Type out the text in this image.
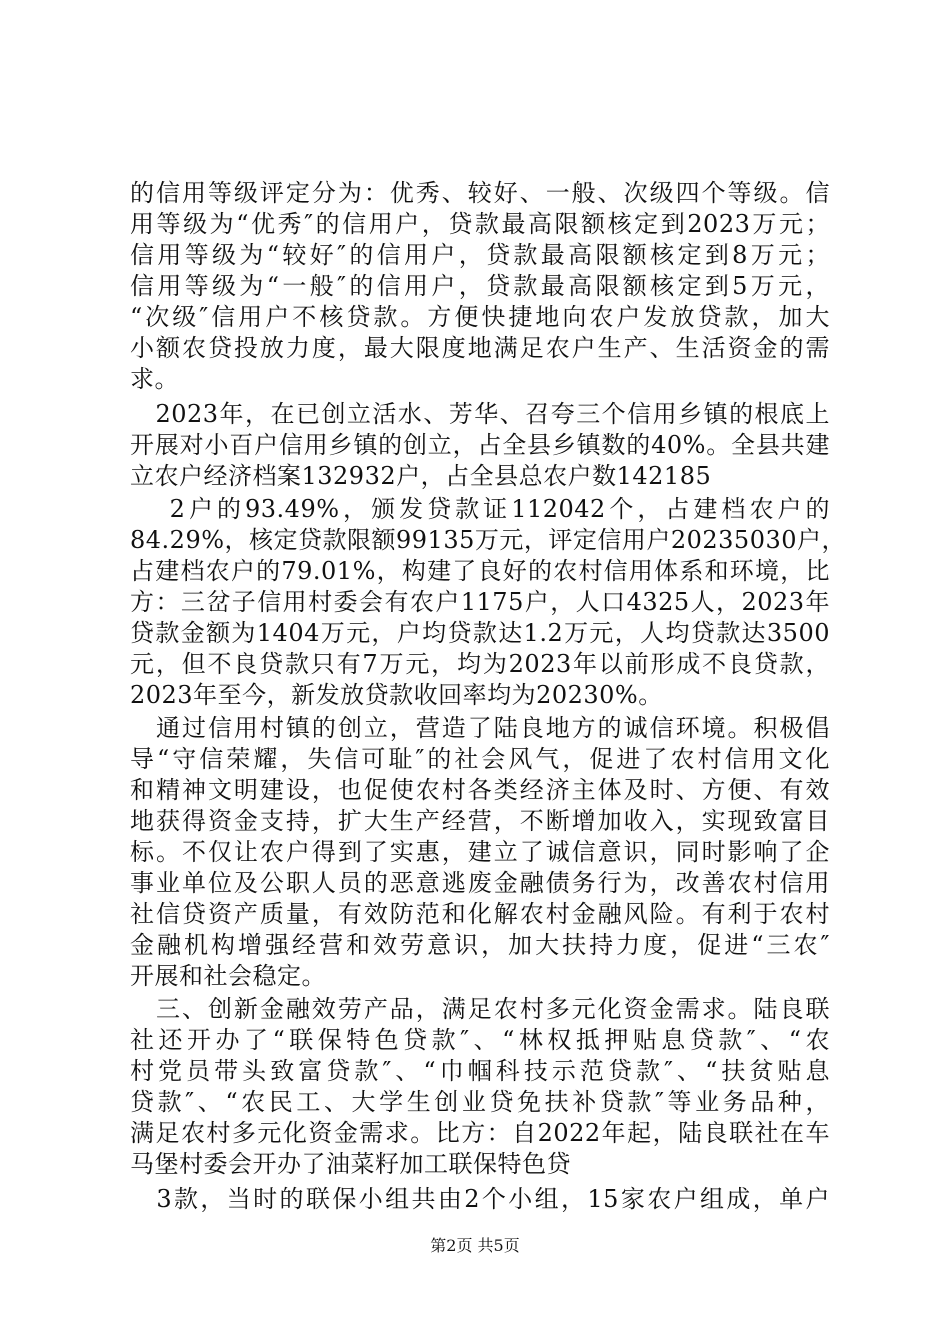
的信用等级评定分为：优秀、较好、一般、次级四个等级。信
用等级为“优秀″的信用户，贷款最高限额核定到2023万元；
信用等级为“较好″的信用户，贷款最高限额核定到8万元；
信用等级为“一般″的信用户，贷款最高限额核定到5万元，
“次级″信用户不核贷款。方便快捷地向农户发放贷款，加大
小额农贷投放力度，最大限度地满足农户生产、生活资金的需
求。
　2023年，在已创立活水、芳华、召夸三个信用乡镇的根底上
开展对小百户信用乡镇的创立，占全县乡镇数的40%。全县共建
立农户经济档案132932户，占全县总农户数142185
　 2户的93.49%，颁发贷款证112042个，占建档农户的
84.29%，核定贷款限额99135万元，评定信用户20235030户，
占建档农户的79.01%，构建了良好的农村信用体系和环境，比
方：三岔子信用村委会有农户1175户，人口4325人，2023年
贷款金额为1404万元，户均贷款达1.2万元，人均贷款达3500
元，但不良贷款只有7万元，均为2023年以前形成不良贷款，
2023年至今，新发放贷款收回率均为20230%。
　通过信用村镇的创立，营造了陆良地方的诚信环境。积极倡
导“守信荣耀，失信可耻″的社会风气，促进了农村信用文化
和精神文明建设，也促使农村各类经济主体及时、方便、有效
地获得资金支持，扩大生产经营，不断增加收入，实现致富目
标。不仅让农户得到了实惠，建立了诚信意识，同时影响了企
事业单位及公职人员的恶意逃废金融债务行为，改善农村信用
社信贷资产质量，有效防范和化解农村金融风险。有利于农村
金融机构增强经营和效劳意识，加大扶持力度，促进“三农″
开展和社会稳定。
　三、创新金融效劳产品，满足农村多元化资金需求。陆良联
社还开办了“联保特色贷款″、“林权抵押贴息贷款″、“农
村党员带头致富贷款″、“巾帼科技示范贷款″、“扶贫贴息
贷款″、“农民工、大学生创业贷免扶补贷款″等业务品种，
满足农村多元化资金需求。比方：自2022年起，陆良联社在车
马堡村委会开办了油菜籽加工联保特色贷
　3款，当时的联保小组共由2个小组，15家农户组成，单户
第2页 共5页
